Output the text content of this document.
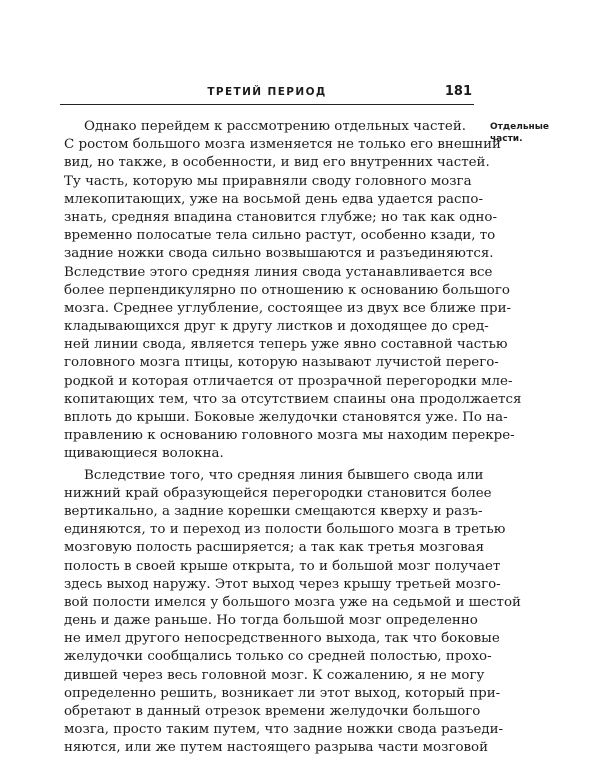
ТРЕТИЙ ПЕРИОД	181
Отдельные
части.
Однако перейдем к рассмотрению отдельных частей.
С ростом большого мозга изменяется не только его внешний
вид, но также, в особенности, и вид его внутренних частей.
Ту часть, которую мы приравняли своду головного мозга
млекопитающих, уже на восьмой день едва удается распо-
знать, средняя впадина становится глубже; но так как одно-
временно полосатые тела сильно растут, особенно кзади, то
задние ножки свода сильно возвышаются и разъединяются.
Вследствие этого средняя линия свода устанавливается все
более перпендикулярно по отношению к основанию большого
мозга. Среднее углубление, состоящее из двух все ближе при-
кладывающихся друг к другу листков и доходящее до сред-
ней линии свода, является теперь уже явно составной частью
головного мозга птицы, которую называют лучистой перего-
родкой и которая отличается от прозрачной перегородки мле-
копитающих тем, что за отсутствием спаины она продолжается
вплоть до крыши. Боковые желудочки становятся уже. По на-
правлению к основанию головного мозга мы находим перекре-
щивающиеся волокна.
Вследствие того, что средняя линия бывшего свода или
нижний край образующейся перегородки становится более
вертикально, а задние корешки смещаются кверху и разъ-
единяются, то и переход из полости большого мозга в третью
мозговую полость расширяется; а так как третья мозговая
полость в своей крыше открыта, то и большой мозг получает
здесь выход наружу. Этот выход через крышу третьей мозго-
вой полости имелся у большого мозга уже на седьмой и шестой
день и даже раньше. Но тогда большой мозг определенно
не имел другого непосредственного выхода, так что боковые
желудочки сообщались только со средней полостью, прохо-
дившей через весь головной мозг. К сожалению, я не могу
определенно решить, возникает ли этот выход, который при-
обретают в данный отрезок времени желудочки большого
мозга, просто таким путем, что задние ножки свода разъеди-
няются, или же путем настоящего разрыва части мозговой
